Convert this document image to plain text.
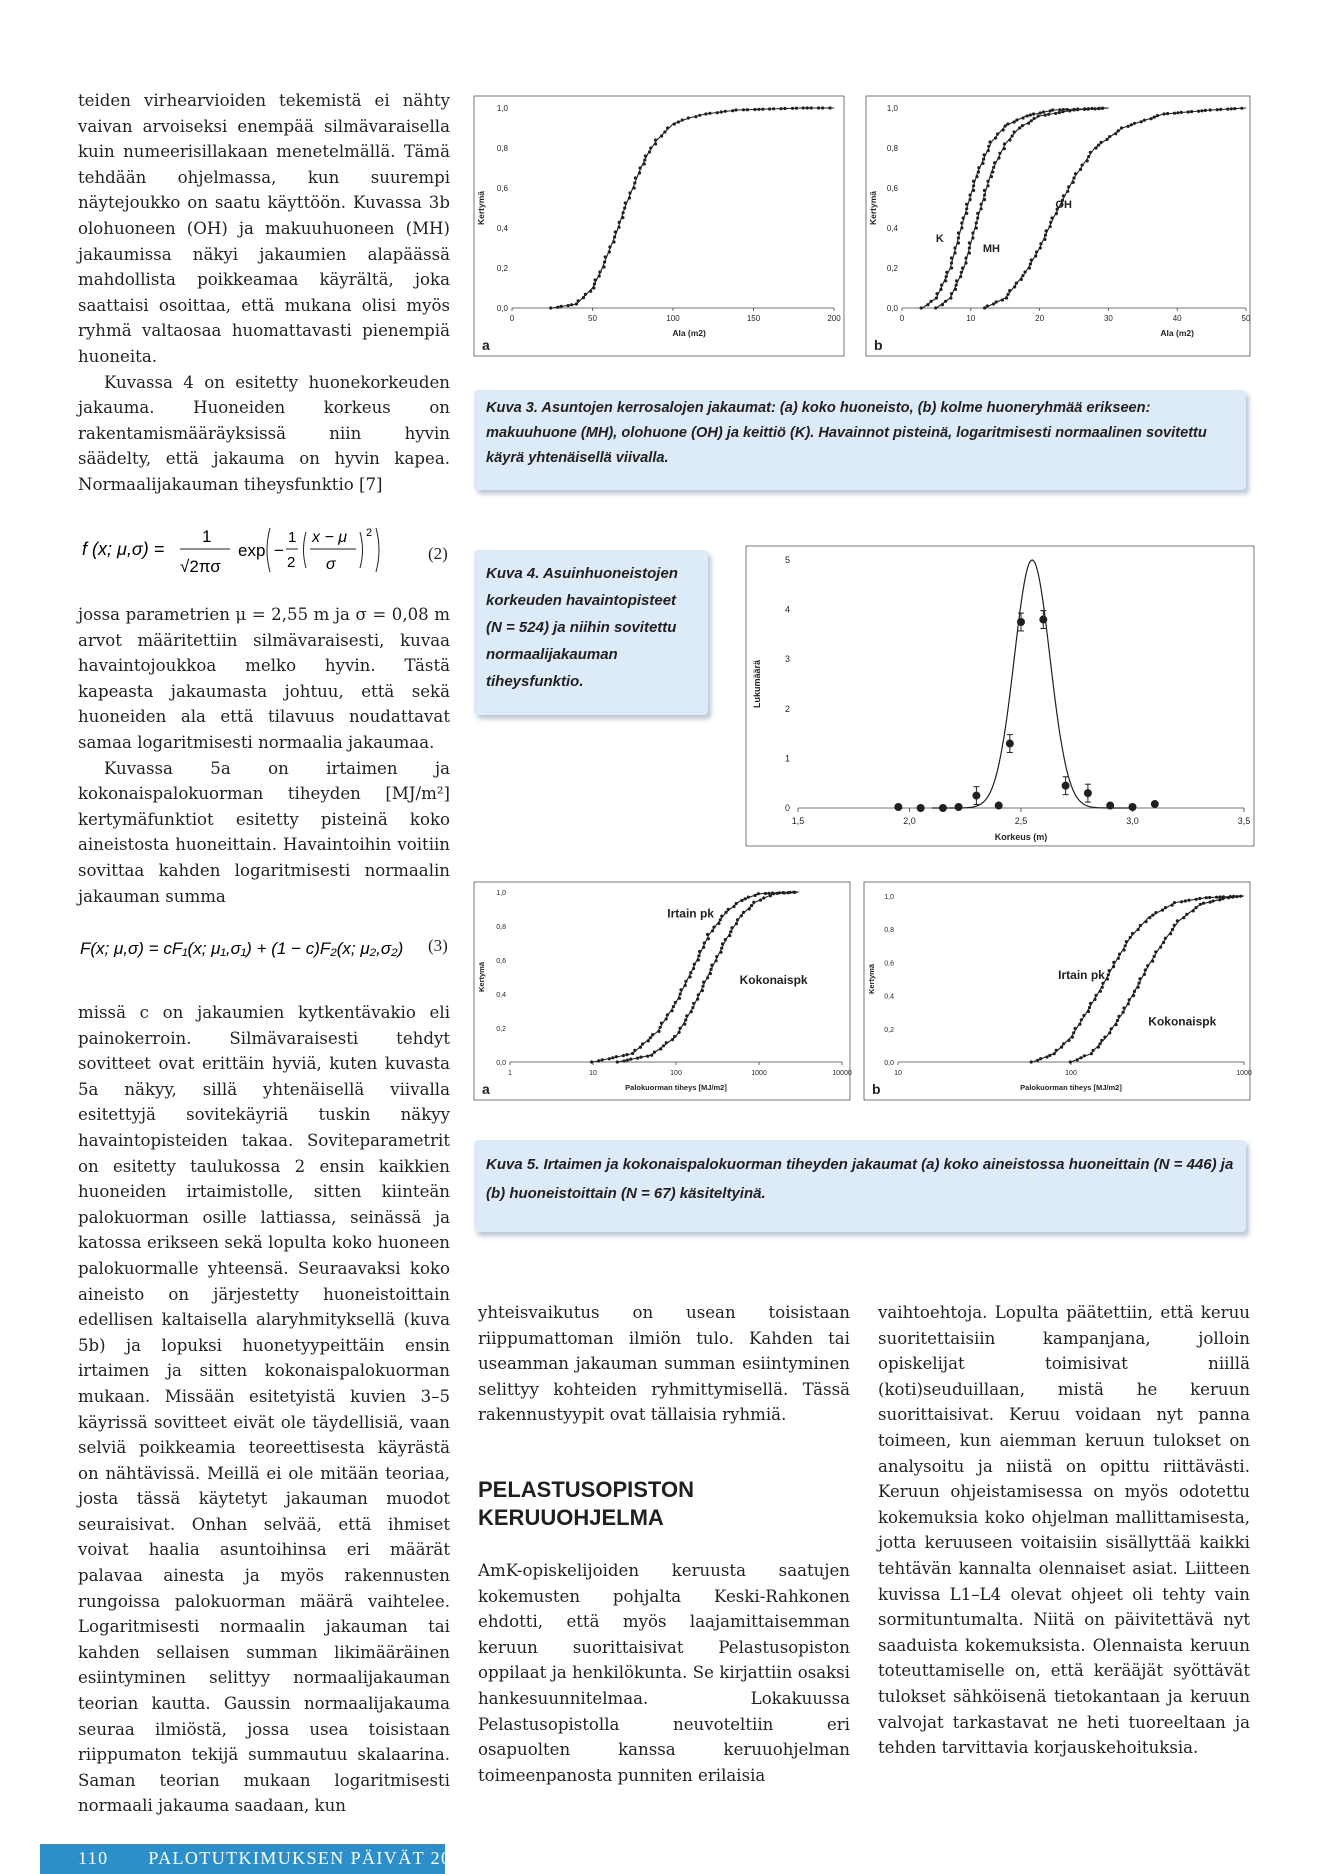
teiden virhearvioiden tekemistä ei nähty vaivan arvoiseksi enempää silmävaraisella kuin numeerisillakaan menetelmällä. Tämä tehdään ohjelmassa, kun suurempi näytejoukko on saatu käyttöön. Kuvassa 3b olohuoneen (OH) ja makuuhuoneen (MH) jakaumissa näkyi jakaumien alapäässä mahdollista poikkeamaa käyrältä, joka saattaisi osoittaa, että mukana olisi myös ryhmä valtaosaa huomattavasti pienempiä huoneita.

Kuvassa 4 on esitetty huonekorkeuden jakauma. Huoneiden korkeus on rakentamismääräyksissä niin hyvin säädelty, että jakauma on hyvin kapea. Normaalijakauman tiheysfunktio [7]

f (x; μ,σ) =
1
√2πσ
exp −
1
2
x − μ
σ
2
(2)

jossa parametrien μ = 2,55 m ja σ = 0,08 m arvot määritettiin silmävaraisesti, kuvaa havaintojoukkoa melko hyvin. Tästä kapeasta jakaumasta johtuu, että sekä huoneiden ala että tilavuus noudattavat samaa logaritmisesti normaalia jakaumaa.

Kuvassa 5a on irtaimen ja kokonaispalokuorman tiheyden [MJ/m²] kertymäfunktiot esitetty pisteinä koko aineistosta huoneittain. Havaintoihin voitiin sovittaa kahden logaritmisesti normaalin jakauman summa

F(x; μ,σ) = cF₁(x; μ₁,σ₁) + (1 − c)F₂(x; μ₂,σ₂) (3)

missä c on jakaumien kytkentävakio eli painokerroin. Silmävaraisesti tehdyt sovitteet ovat erittäin hyviä, kuten kuvasta 5a näkyy, sillä yhtenäisellä viivalla esitettyjä sovitekäyriä tuskin näkyy havaintopisteiden takaa. Soviteparametrit on esitetty taulukossa 2 ensin kaikkien huoneiden irtaimistolle, sitten kiinteän palokuorman osille lattiassa, seinässä ja katossa erikseen sekä lopulta koko huoneen palokuormalle yhteensä. Seuraavaksi koko aineisto on järjestetty huoneistoittain edellisen kaltaisella alaryhmityksellä (kuva 5b) ja lopuksi huonetyypeittäin ensin irtaimen ja sitten kokonaispalokuorman mukaan. Missään esitetyistä kuvien 3–5 käyrissä sovitteet eivät ole täydellisiä, vaan selviä poikkeamia teoreettisesta käyrästä on nähtävissä. Meillä ei ole mitään teoriaa, josta tässä käytetyt jakauman muodot seuraisivat. Onhan selvää, että ihmiset voivat haalia asuntoihinsa eri määrät palavaa ainesta ja myös rakennusten rungoissa palokuorman määrä vaihtelee. Logaritmisesti normaalin jakauman tai kahden sellaisen summan likimääräinen esiintyminen selittyy normaalijakauman teorian kautta. Gaussin normaalijakauma seuraa ilmiöstä, jossa usea toisistaan riippumaton tekijä summautuu skalaarina. Saman teorian mukaan logaritmisesti normaali jakauma saadaan, kun

yhteisvaikutus on usean toisistaan riippumattoman ilmiön tulo. Kahden tai useamman jakauman summan esiintyminen selittyy kohteiden ryhmittymisellä. Tässä rakennustyypit ovat tällaisia ryhmiä.

PELASTUSOPISTON
KERUUOHJELMA

AmK-opiskelijoiden keruusta saatujen kokemusten pohjalta Keski-Rahkonen ehdotti, että myös laajamittaisemman keruun suorittaisivat Pelastusopiston oppilaat ja henkilökunta. Se kirjattiin osaksi hankesuunnitelmaa. Lokakuussa Pelastusopistolla neuvoteltiin eri osapuolten kanssa keruuohjelman toimeenpanosta punniten erilaisia

vaihtoehtoja. Lopulta päätettiin, että keruu suoritettaisiin kampanjana, jolloin opiskelijat toimisivat niillä (koti)seuduillaan, mistä he keruun suorittaisivat. Keruu voidaan nyt panna toimeen, kun aiemman keruun tulokset on analysoitu ja niistä on opittu riittävästi. Keruun ohjeistamisessa on myös odotettu kokemuksia koko ohjelman mallittamisesta, jotta keruuseen voitaisiin sisällyttää kaikki tehtävän kannalta olennaiset asiat. Liitteen kuvissa L1–L4 olevat ohjeet oli tehty vain sormituntumalta. Niitä on päivitettävä nyt saaduista kokemuksista. Olennaista keruun toteuttamiselle on, että kerääjät syöttävät tulokset sähköisenä tietokantaan ja keruun valvojat tarkastavat ne heti tuoreeltaan ja tehden tarvittavia korjauskehoituksia.

0,0
0,2
0,4
0,6
0,8
1,0
0	50	100	150	200
Kertymä
Ala (m2)
a
0,0
0,2
0,4
0,6
0,8
1,0
0	10	20	30	40	50
Kertymä
Ala (m2)
b
K
MH
OH
Kuva 3. Asuntojen kerrosalojen jakaumat: (a) koko huoneisto, (b) kolme huoneryhmää erikseen: makuuhuone (MH), olohuone (OH) ja keittiö (K). Havainnot pisteinä, logaritmisesti normaalinen sovitettu käyrä yhtenäisellä viivalla.
Kuva 4. Asuinhuoneistojen korkeuden havaintopisteet (N = 524) ja niihin sovitettu normaalijakauman tiheysfunktio.
0
1
2
3
4
5
1,5	2,0	2,5	3,0	3,5
Lukumäärä
Korkeus (m)
0,0
0,2
0,4
0,6
0,8
1,0
1	10	100	1000	10000
Kertymä
Palokuorman tiheys [MJ/m2]
a
Irtain pk
Kokonaispk
0,0
0,2
0,4
0,6
0,8
1,0
10	100	1000
Kertymä
Palokuorman tiheys [MJ/m2]
b
Irtain pk
Kokonaispk
Kuva 5. Irtaimen ja kokonaispalokuorman tiheyden jakaumat (a) koko aineistossa huoneittain (N = 446) ja (b) huoneistoittain (N = 67) käsiteltyinä.
110 PALOTUTKIMUKSEN PÄIVÄT 2009
